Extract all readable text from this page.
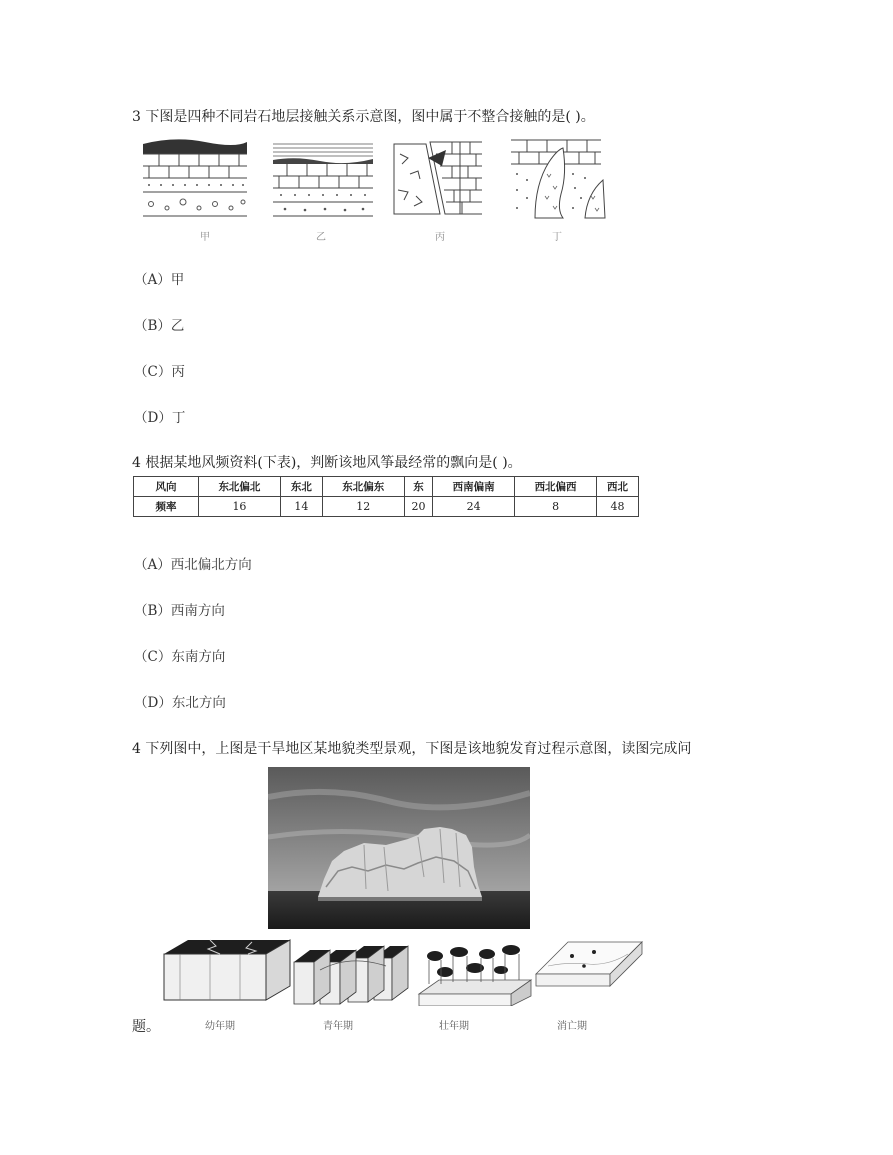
3 下图是四种不同岩石地层接触关系示意图，图中属于不整合接触的是( )。
甲	乙	丙	丁
（A）甲
（B）乙
（C）丙
（D）丁
4 根据某地风频资料(下表)，判断该地风筝最经常的飘向是( )。
风向	东北偏北	东北	东北偏东	东	西南偏南	西北偏西	西北
频率	16	14	12	20	24	8	48
（A）西北偏北方向
（B）西南方向
（C）东南方向
（D）东北方向
4 下列图中，上图是干旱地区某地貌类型景观，下图是该地貌发育过程示意图，读图完成问
题。	幼年期	青年期	壮年期	消亡期
